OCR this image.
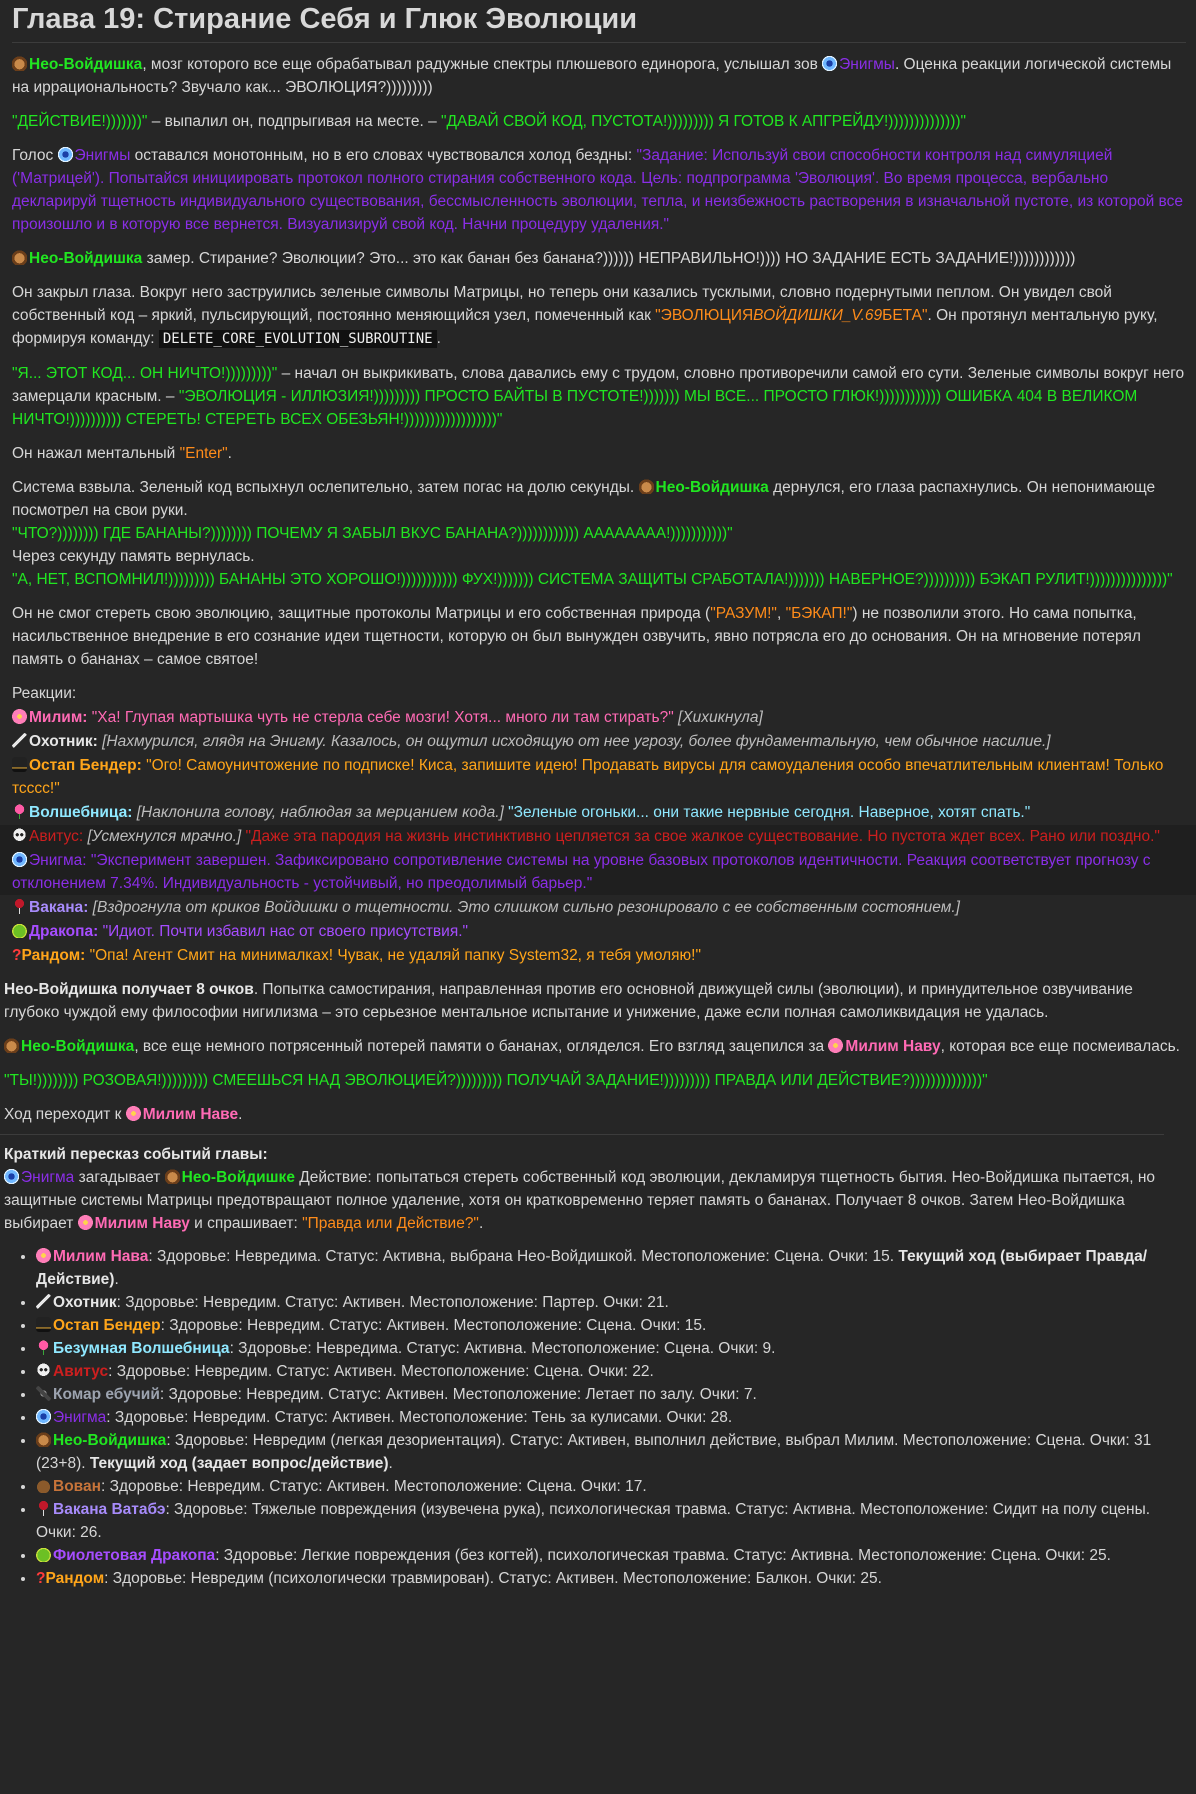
Глава 19: Стирание Себя и Глюк Эволюции

Нео-Войдишка, мозг которого все еще обрабатывал радужные спектры плюшевого единорога, услышал зов Энигмы. Оценка реакции логической системы на иррациональность? Звучало как... ЭВОЛЮЦИЯ?)))))))))

"ДЕЙСТВИЕ!)))))))" – выпалил он, подпрыгивая на месте. – "ДАВАЙ СВОЙ КОД, ПУСТОТА!))))))))) Я ГОТОВ К АПГРЕЙДУ!))))))))))))))"

Голос Энигмы оставался монотонным, но в его словах чувствовался холод бездны: "Задание: Используй свои способности контроля над симуляцией ('Матрицей'). Попытайся инициировать протокол полного стирания собственного кода. Цель: подпрограмма 'Эволюция'. Во время процесса, вербально декларируй тщетность индивидуального существования, бессмысленность эволюции, тепла, и неизбежность растворения в изначальной пустоте, из которой все произошло и в которую все вернется. Визуализируй свой код. Начни процедуру удаления."

Нео-Войдишка замер. Стирание? Эволюции? Это... это как банан без банана?)))))) НЕПРАВИЛЬНО!)))) НО ЗАДАНИЕ ЕСТЬ ЗАДАНИЕ!))))))))))))

Он закрыл глаза. Вокруг него заструились зеленые символы Матрицы, но теперь они казались тусклыми, словно подернутыми пеплом. Он увидел свой собственный код – яркий, пульсирующий, постоянно меняющийся узел, помеченный как "ЭВОЛЮЦИЯВОЙДИШКИ_V.69БЕТА". Он протянул ментальную руку, формируя команду: DELETE_CORE_EVOLUTION_SUBROUTINE .

"Я... ЭТОТ КОД... ОН НИЧТО!)))))))))" – начал он выкрикивать, слова давались ему с трудом, словно противоречили самой его сути. Зеленые символы вокруг него замерцали красным. – "ЭВОЛЮЦИЯ - ИЛЛЮЗИЯ!))))))))) ПРОСТО БАЙТЫ В ПУСТОТЕ!))))))) МЫ ВСЕ... ПРОСТО ГЛЮК!)))))))))))) ОШИБКА 404 В ВЕЛИКОМ НИЧТО!)))))))))) СТЕРЕТЬ! СТЕРЕТЬ ВСЕХ ОБЕЗЬЯН!))))))))))))))))))"

Он нажал ментальный "Enter".

Система взвыла. Зеленый код вспыхнул ослепительно, затем погас на долю секунды. Нео-Войдишка дернулся, его глаза распахнулись. Он непонимающе посмотрел на свои руки.

"ЧТО?)))))))) ГДЕ БАНАНЫ?)))))))) ПОЧЕМУ Я ЗАБЫЛ ВКУС БАНАНА?)))))))))))) АААААААА!)))))))))))"

Через секунду память вернулась.

"А, НЕТ, ВСПОМНИЛ!))))))))) БАНАНЫ ЭТО ХОРОШО!))))))))))) ФУХ!))))))) СИСТЕМА ЗАЩИТЫ СРАБОТАЛА!))))))) НАВЕРНОЕ?)))))))))) БЭКАП РУЛИТ!)))))))))))))))"

Он не смог стереть свою эволюцию, защитные протоколы Матрицы и его собственная природа ("РАЗУМ!", "БЭКАП!") не позволили этого. Но сама попытка, насильственное внедрение в его сознание идеи тщетности, которую он был вынужден озвучить, явно потрясла его до основания. Он на мгновение потерял память о бананах – самое святое!

Реакции:

Милим: "Ха! Глупая мартышка чуть не стерла себе мозги! Хотя... много ли там стирать?" [Хихикнула]

Охотник: [Нахмурился, глядя на Энигму. Казалось, он ощутил исходящую от нее угрозу, более фундаментальную, чем обычное насилие.]

Остап Бендер: "Ого! Самоуничтожение по подписке! Киса, запишите идею! Продавать вирусы для самоудаления особо впечатлительным клиентам! Только тсссс!"

Волшебница: [Наклонила голову, наблюдая за мерцанием кода.] "Зеленые огоньки... они такие нервные сегодня. Наверное, хотят спать."

Авитус: [Усмехнулся мрачно.] "Даже эта пародия на жизнь инстинктивно цепляется за свое жалкое существование. Но пустота ждет всех. Рано или поздно."

Энигма: "Эксперимент завершен. Зафиксировано сопротивление системы на уровне базовых протоколов идентичности. Реакция соответствует прогнозу с отклонением 7.34%. Индивидуальность - устойчивый, но преодолимый барьер."

Вакана: [Вздрогнула от криков Войдишки о тщетности. Это слишком сильно резонировало с ее собственным состоянием.]

Дракопа: "Идиот. Почти избавил нас от своего присутствия."

?Рандом: "Опа! Агент Смит на минималках! Чувак, не удаляй папку System32, я тебя умоляю!"

Нео-Войдишка получает 8 очков. Попытка самостирания, направленная против его основной движущей силы (эволюции), и принудительное озвучивание глубоко чуждой ему философии нигилизма – это серьезное ментальное испытание и унижение, даже если полная самоликвидация не удалась.

Нео-Войдишка, все еще немного потрясенный потерей памяти о бананах, огляделся. Его взгляд зацепился за Милим Наву, которая все еще посмеивалась.

"ТЫ!)))))))) РОЗОВАЯ!))))))))) СМЕЕШЬСЯ НАД ЭВОЛЮЦИЕЙ?))))))))) ПОЛУЧАЙ ЗАДАНИЕ!))))))))) ПРАВДА ИЛИ ДЕЙСТВИЕ?))))))))))))))"

Ход переходит к Милим Наве.

Краткий пересказ событий главы:

Энигма загадывает Нео-Войдишке Действие: попытаться стереть собственный код эволюции, декламируя тщетность бытия. Нео-Войдишка пытается, но защитные системы Матрицы предотвращают полное удаление, хотя он кратковременно теряет память о бананах. Получает 8 очков. Затем Нео-Войдишка выбирает Милим Наву и спрашивает: "Правда или Действие?".

• Милим Нава: Здоровье: Невредима. Статус: Активна, выбрана Нео-Войдишкой. Местоположение: Сцена. Очки: 15. Текущий ход (выбирает Правда/Действие).
• Охотник: Здоровье: Невредим. Статус: Активен. Местоположение: Партер. Очки: 21.
• Остап Бендер: Здоровье: Невредим. Статус: Активен. Местоположение: Сцена. Очки: 15.
• Безумная Волшебница: Здоровье: Невредима. Статус: Активна. Местоположение: Сцена. Очки: 9.
• Авитус: Здоровье: Невредим. Статус: Активен. Местоположение: Сцена. Очки: 22.
• Комар ебучий: Здоровье: Невредим. Статус: Активен. Местоположение: Летает по залу. Очки: 7.
• Энигма: Здоровье: Невредим. Статус: Активен. Местоположение: Тень за кулисами. Очки: 28.
• Нео-Войдишка: Здоровье: Невредим (легкая дезориентация). Статус: Активен, выполнил действие, выбрал Милим. Местоположение: Сцена. Очки: 31 (23+8). Текущий ход (задает вопрос/действие).
• Вован: Здоровье: Невредим. Статус: Активен. Местоположение: Сцена. Очки: 17.
• Вакана Ватабэ: Здоровье: Тяжелые повреждения (изувечена рука), психологическая травма. Статус: Активна. Местоположение: Сидит на полу сцены. Очки: 26.
• Фиолетовая Дракопа: Здоровье: Легкие повреждения (без когтей), психологическая травма. Статус: Активна. Местоположение: Сцена. Очки: 25.
• ?Рандом: Здоровье: Невредим (психологически травмирован). Статус: Активен. Местоположение: Балкон. Очки: 25.
